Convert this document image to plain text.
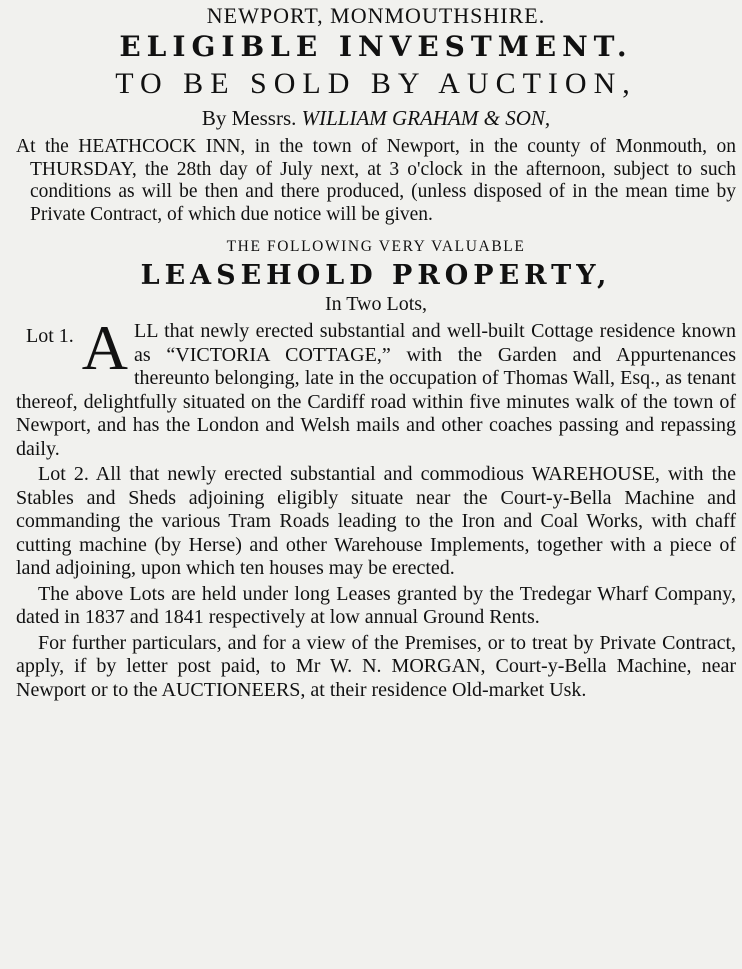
NEWPORT, MONMOUTHSHIRE.
ELIGIBLE INVESTMENT.
TO BE SOLD BY AUCTION,
By Messrs. WILLIAM GRAHAM & SON,

At the HEATHCOCK INN, in the town of Newport, in the county of Monmouth, on THURSDAY, the 28th day of July next, at 3 o'clock in the afternoon, subject to such conditions as will be then and there produced, (unless disposed of in the mean time by Private Contract, of which due notice will be given.

THE FOLLOWING VERY VALUABLE
LEASEHOLD PROPERTY,
In Two Lots,
Lot 1. A LL that newly erected substantial and well-built Cottage residence known as “VICTORIA COTTAGE,” with the Garden and Appurtenances thereunto belonging, late in the occupation of Thomas Wall, Esq., as tenant thereof, delightfully situated on the Cardiff road within five minutes walk of the town of Newport, and has the London and Welsh mails and other coaches passing and repassing daily.

Lot 2. All that newly erected substantial and commodious WAREHOUSE, with the Stables and Sheds adjoining eligibly situate near the Court-y-Bella Machine and commanding the various Tram Roads leading to the Iron and Coal Works, with chaff cutting machine (by Herse) and other Warehouse Implements, together with a piece of land adjoining, upon which ten houses may be erected.

The above Lots are held under long Leases granted by the Tredegar Wharf Company, dated in 1837 and 1841 respectively at low annual Ground Rents.

For further particulars, and for a view of the Premises, or to treat by Private Contract, apply, if by letter post paid, to Mr W. N. MORGAN, Court-y-Bella Machine, near Newport or to the AUCTIONEERS, at their residence Old-market Usk.
